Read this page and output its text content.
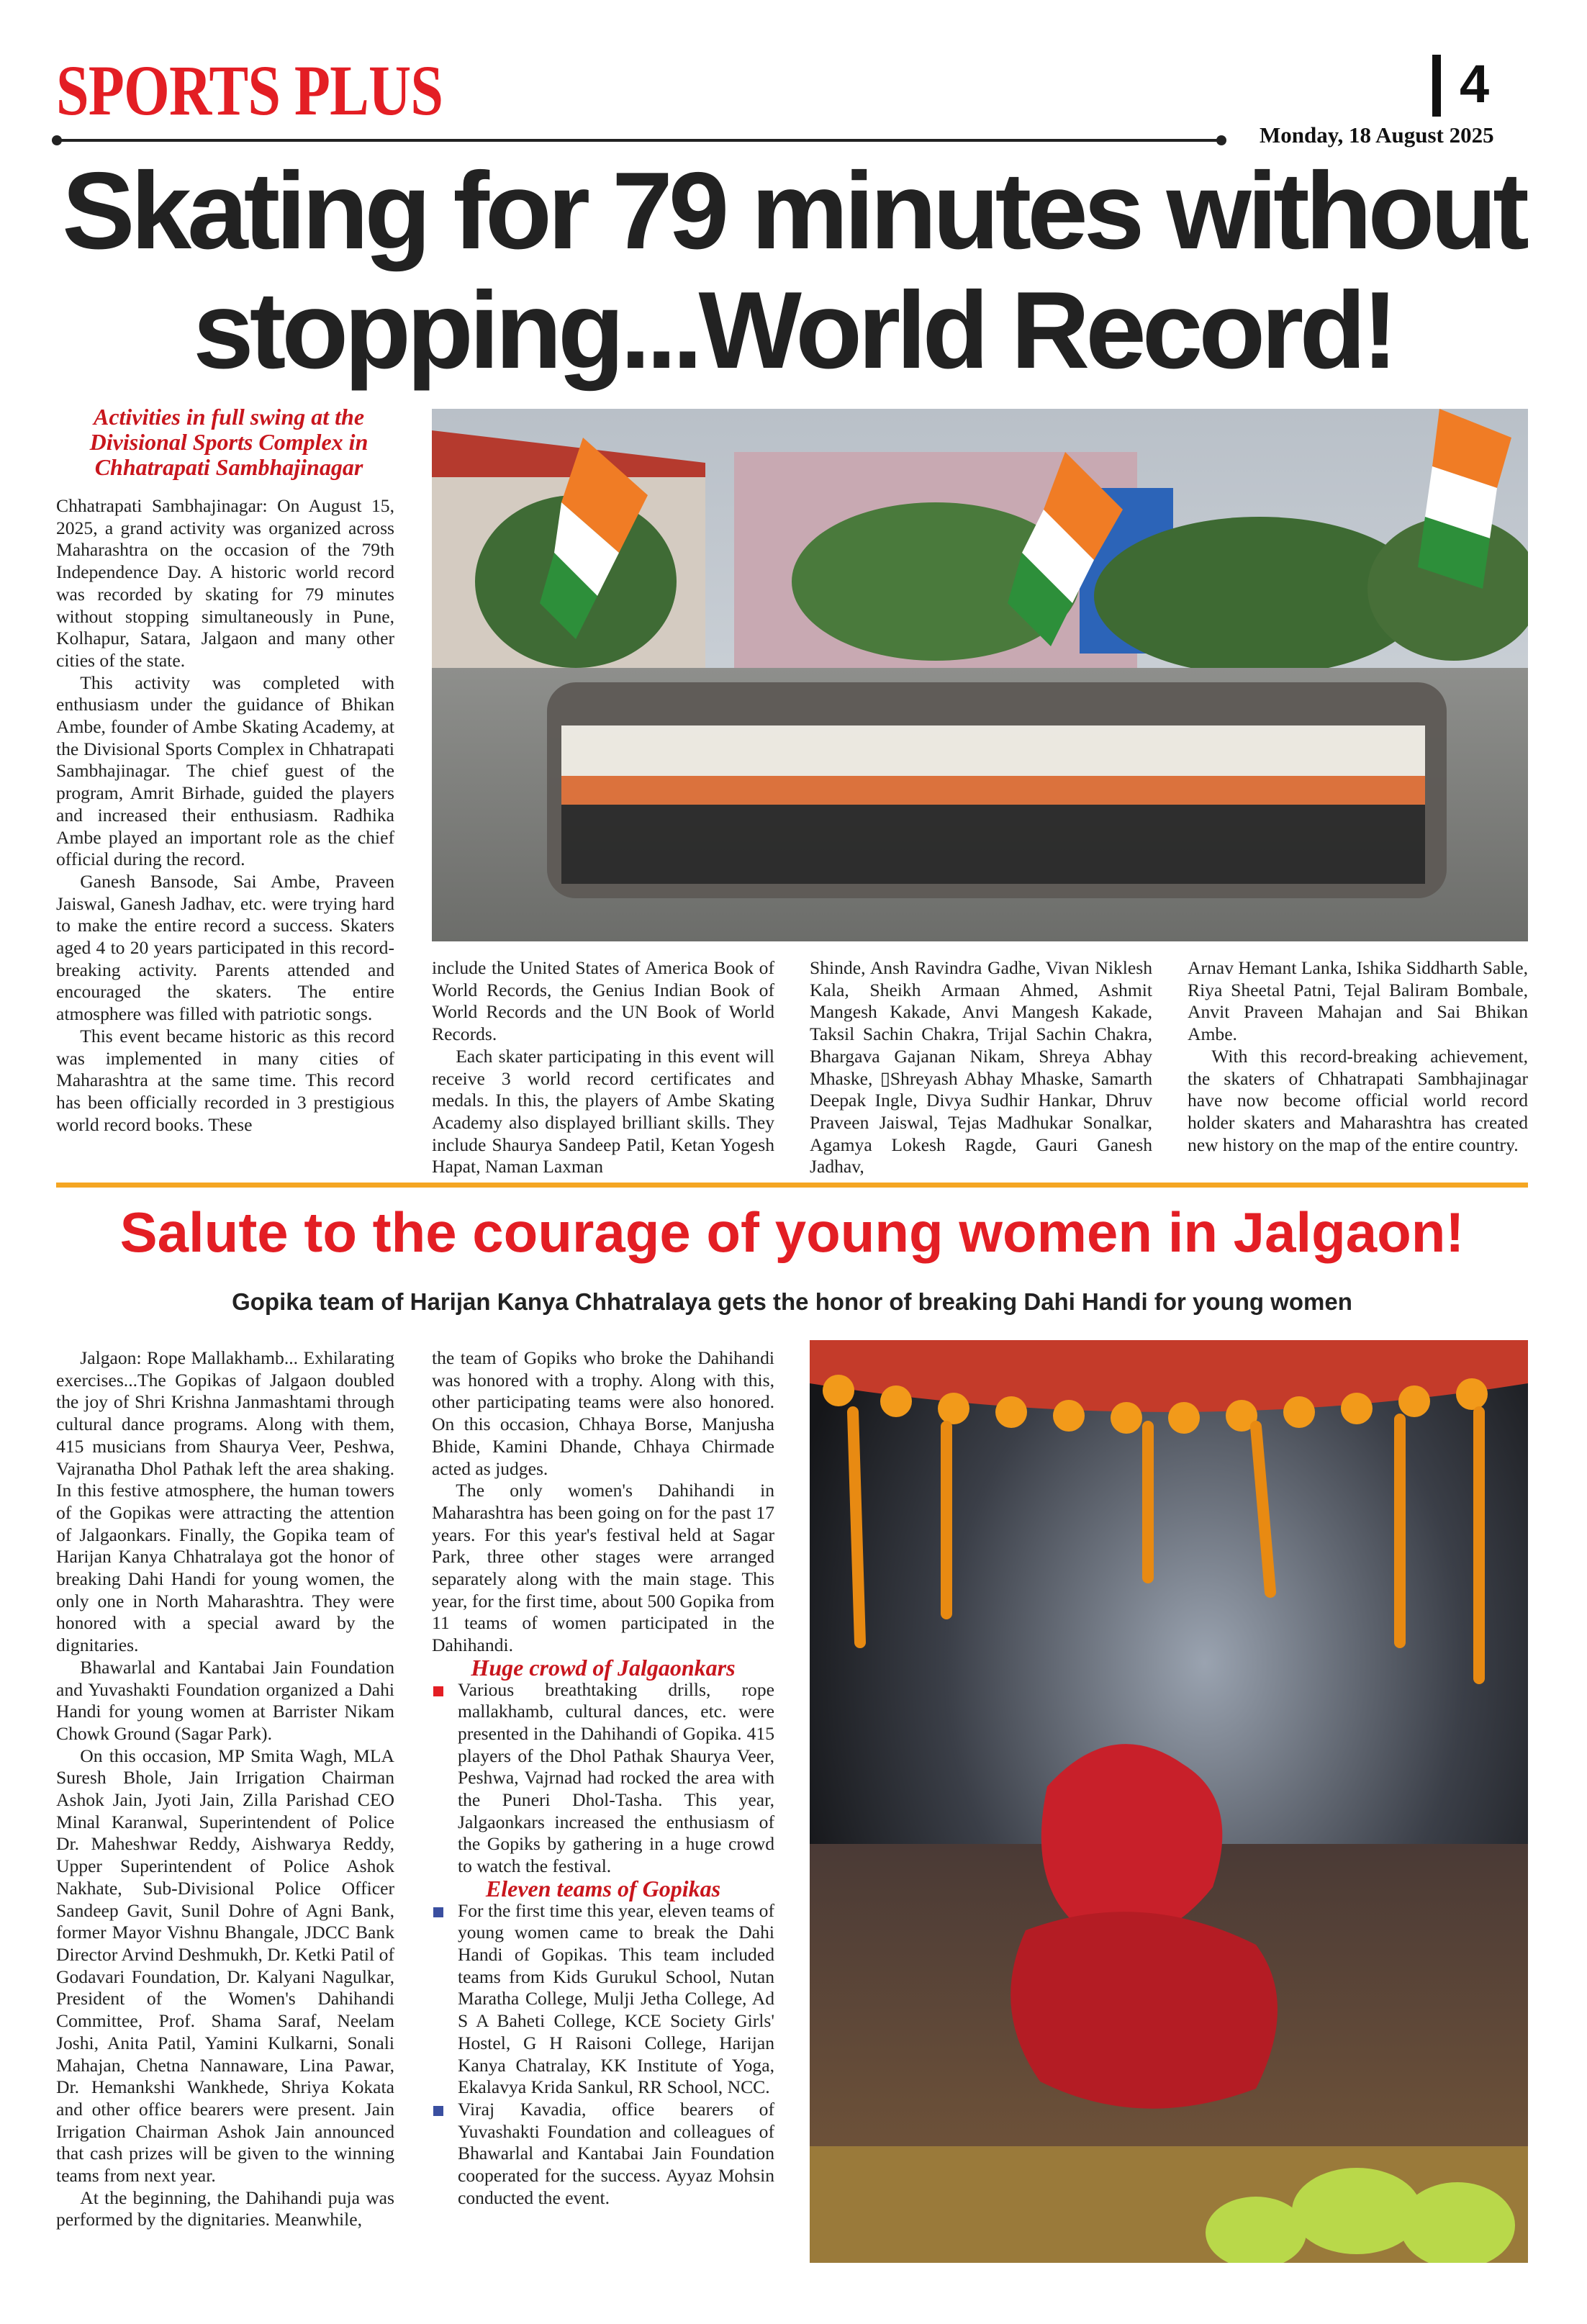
SPORTS PLUS	4
Monday, 18 August 2025
Skating for 79 minutes without
stopping...World Record!
Activities in full swing at the Divisional Sports Complex in Chhatrapati Sambhajinagar

Chhatrapati Sambhajinagar: On August 15, 2025, a grand activity was organized across Maharashtra on the occasion of the 79th Independence Day. A historic world record was recorded by skating for 79 minutes without stopping simultaneously in Pune, Kolhapur, Satara, Jalgaon and many other cities of the state.

This activity was completed with enthusiasm under the guidance of Bhikan Ambe, founder of Ambe Skating Academy, at the Divisional Sports Complex in Chhatrapati Sambhajinagar. The chief guest of the program, Amrit Birhade, guided the players and increased their enthusiasm. Radhika Ambe played an important role as the chief official during the record.

Ganesh Bansode, Sai Ambe, Praveen Jaiswal, Ganesh Jadhav, etc. were trying hard to make the entire record a success. Skaters aged 4 to 20 years participated in this record-breaking activity. Parents attended and encouraged the skaters. The entire atmosphere was filled with patriotic songs.

This event became historic as this record was implemented in many cities of Maharashtra at the same time. This record has been officially recorded in 3 prestigious world record books. These

include the United States of America Book of World Records, the Genius Indian Book of World Records and the UN Book of World Records.

Each skater participating in this event will receive 3 world record certificates and medals. In this, the players of Ambe Skating Academy also displayed brilliant skills. They include Shaurya Sandeep Patil, Ketan Yogesh Hapat, Naman Laxman

Shinde, Ansh Ravindra Gadhe, Vivan Niklesh Kala, Sheikh Armaan Ahmed, Ashmit Mangesh Kakade, Anvi Mangesh Kakade, Taksil Sachin Chakra, Trijal Sachin Chakra, Bhargava Gajanan Nikam, Shreya Abhay Mhaske, ▯Shreyash Abhay Mhaske, Samarth Deepak Ingle, Divya Sudhir Hankar, Dhruv Praveen Jaiswal, Tejas Madhukar Sonalkar, Agamya Lokesh Ragde, Gauri Ganesh Jadhav,

Arnav Hemant Lanka, Ishika Siddharth Sable, Riya Sheetal Patni, Tejal Baliram Bombale, Anvit Praveen Mahajan and Sai Bhikan Ambe.

With this record-breaking achievement, the skaters of Chhatrapati Sambhajinagar have now become official world record holder skaters and Maharashtra has created new history on the map of the entire country.

Salute to the courage of young women in Jalgaon!
Gopika team of Harijan Kanya Chhatralaya gets the honor of breaking Dahi Handi for young women

Jalgaon: Rope Mallakhamb... Exhilarating exercises...The Gopikas of Jalgaon doubled the joy of Shri Krishna Janmashtami through cultural dance programs. Along with them, 415 musicians from Shaurya Veer, Peshwa, Vajranatha Dhol Pathak left the area shaking. In this festive atmosphere, the human towers of the Gopikas were attracting the attention of Jalgaonkars. Finally, the Gopika team of Harijan Kanya Chhatralaya got the honor of breaking Dahi Handi for young women, the only one in North Maharashtra. They were honored with a special award by the dignitaries.

Bhawarlal and Kantabai Jain Foundation and Yuvashakti Foundation organized a Dahi Handi for young women at Barrister Nikam Chowk Ground (Sagar Park).

On this occasion, MP Smita Wagh, MLA Suresh Bhole, Jain Irrigation Chairman Ashok Jain, Jyoti Jain, Zilla Parishad CEO Minal Karanwal, Superintendent of Police Dr. Maheshwar Reddy, Aishwarya Reddy, Upper Superintendent of Police Ashok Nakhate, Sub-Divisional Police Officer Sandeep Gavit, Sunil Dohre of Agni Bank, former Mayor Vishnu Bhangale, JDCC Bank Director Arvind Deshmukh, Dr. Ketki Patil of Godavari Foundation, Dr. Kalyani Nagulkar, President of the Women's Dahihandi Committee, Prof. Shama Saraf, Neelam Joshi, Anita Patil, Yamini Kulkarni, Sonali Mahajan, Chetna Nannaware, Lina Pawar, Dr. Hemankshi Wankhede, Shriya Kokata and other office bearers were present. Jain Irrigation Chairman Ashok Jain announced that cash prizes will be given to the winning teams from next year.

At the beginning, the Dahihandi puja was performed by the dignitaries. Meanwhile,

the team of Gopiks who broke the Dahihandi was honored with a trophy. Along with this, other participating teams were also honored. On this occasion, Chhaya Borse, Manjusha Bhide, Kamini Dhande, Chhaya Chirmade acted as judges.

The only women's Dahihandi in Maharashtra has been going on for the past 17 years. For this year's festival held at Sagar Park, three other stages were arranged separately along with the main stage. This year, for the first time, about 500 Gopika from 11 teams of women participated in the Dahihandi.

Huge crowd of Jalgaonkars

Various breathtaking drills, rope mallakhamb, cultural dances, etc. were presented in the Dahihandi of Gopika. 415 players of the Dhol Pathak Shaurya Veer, Peshwa, Vajrnad had rocked the area with the Puneri Dhol-Tasha. This year, Jalgaonkars increased the enthusiasm of the Gopiks by gathering in a huge crowd to watch the festival.

Eleven teams of Gopikas

For the first time this year, eleven teams of young women came to break the Dahi Handi of Gopikas. This team included teams from Kids Gurukul School, Nutan Maratha College, Mulji Jetha College, Ad S A Baheti College, KCE Society Girls' Hostel, G H Raisoni College, Harijan Kanya Chatralay, KK Institute of Yoga, Ekalavya Krida Sankul, RR School, NCC.

Viraj Kavadia, office bearers of Yuvashakti Foundation and colleagues of Bhawarlal and Kantabai Jain Foundation cooperated for the success. Ayyaz Mohsin conducted the event.
